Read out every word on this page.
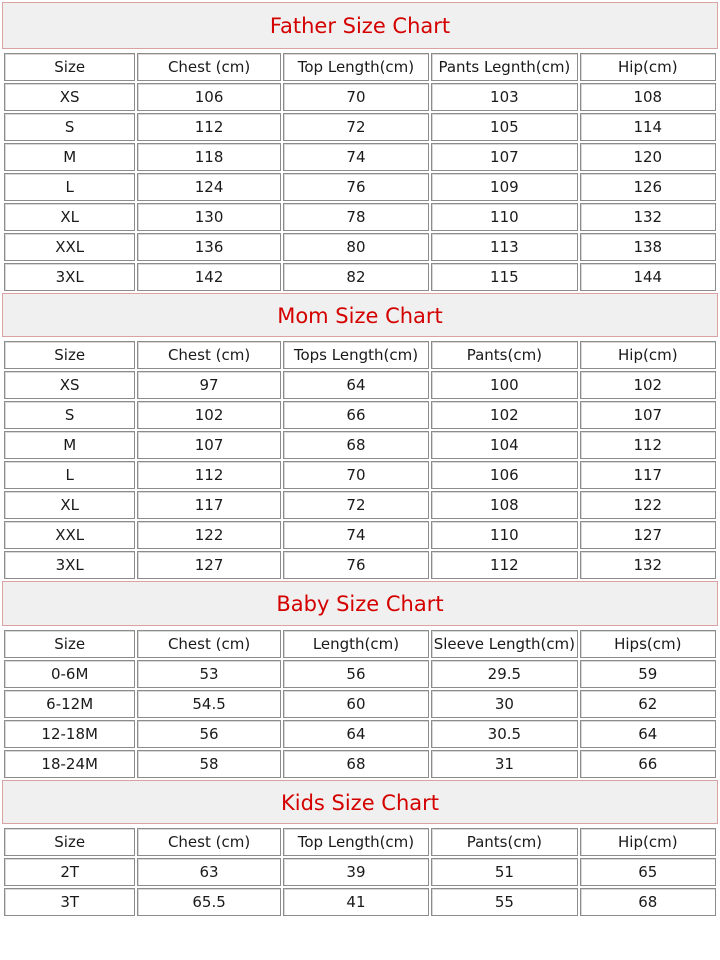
Father Size Chart
Size	Chest (cm)	Top Length(cm)	Pants Legnth(cm)	Hip(cm)
XS	106	70	103	108
S	112	72	105	114
M	118	74	107	120
L	124	76	109	126
XL	130	78	110	132
XXL	136	80	113	138
3XL	142	82	115	144
Mom Size Chart
Size	Chest (cm)	Tops Length(cm)	Pants(cm)	Hip(cm)
XS	97	64	100	102
S	102	66	102	107
M	107	68	104	112
L	112	70	106	117
XL	117	72	108	122
XXL	122	74	110	127
3XL	127	76	112	132
Baby Size Chart
Size	Chest (cm)	Length(cm)	Sleeve Length(cm)	Hips(cm)
0-6M	53	56	29.5	59
6-12M	54.5	60	30	62
12-18M	56	64	30.5	64
18-24M	58	68	31	66
Kids Size Chart
Size	Chest (cm)	Top Length(cm)	Pants(cm)	Hip(cm)
2T	63	39	51	65
3T	65.5	41	55	68
